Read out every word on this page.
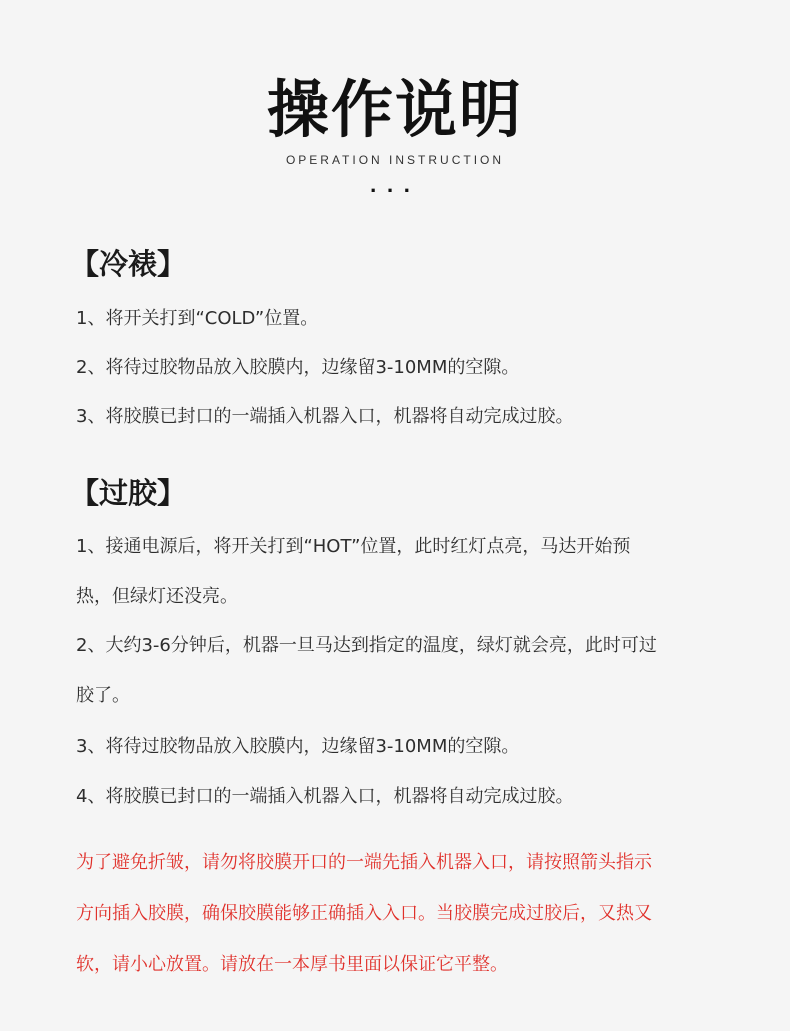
操作说明
OPERATION INSTRUCTION
...
【冷裱】
1、将开关打到“COLD”位置。
2、将待过胶物品放入胶膜内，边缘留3-10MM的空隙。
3、将胶膜已封口的一端插入机器入口，机器将自动完成过胶。
【过胶】
1、接通电源后，将开关打到“HOT”位置，此时红灯点亮，马达开始预
热，但绿灯还没亮。
2、大约3-6分钟后，机器一旦马达到指定的温度，绿灯就会亮，此时可过
胶了。
3、将待过胶物品放入胶膜内，边缘留3-10MM的空隙。
4、将胶膜已封口的一端插入机器入口，机器将自动完成过胶。
为了避免折皱，请勿将胶膜开口的一端先插入机器入口，请按照箭头指示
方向插入胶膜，确保胶膜能够正确插入入口。当胶膜完成过胶后，又热又
软，请小心放置。请放在一本厚书里面以保证它平整。
